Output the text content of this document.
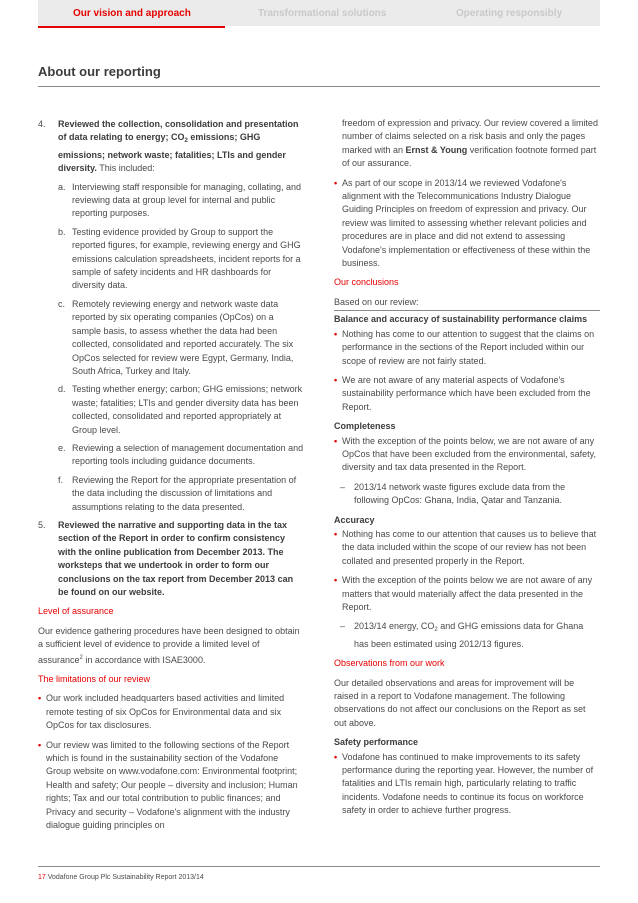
Our vision and approach	Transformational solutions	Operating responsibly
About our reporting
4. Reviewed the collection, consolidation and presentation of data relating to energy; $CO_2$ emissions; GHG emissions; network waste; fatalities; LTIs and gender diversity. This included:
a. Interviewing staff responsible for managing, collating, and reviewing data at group level for internal and public reporting purposes.
b. Testing evidence provided by Group to support the reported figures, for example, reviewing energy and GHG emissions calculation spreadsheets, incident reports for a sample of safety incidents and HR dashboards for diversity data.
c. Remotely reviewing energy and network waste data reported by six operating companies (OpCos) on a sample basis, to assess whether the data had been collected, consolidated and reported accurately. The six OpCos selected for review were Egypt, Germany, India, South Africa, Turkey and Italy.
d. Testing whether energy; carbon; GHG emissions; network waste; fatalities; LTIs and gender diversity data has been collected, consolidated and reported appropriately at Group level.
e. Reviewing a selection of management documentation and reporting tools including guidance documents.
f. Reviewing the Report for the appropriate presentation of the data including the discussion of limitations and assumptions relating to the data presented.
5. Reviewed the narrative and supporting data in the tax section of the Report in order to confirm consistency with the online publication from December 2013. The worksteps that we undertook in order to form our conclusions on the tax report from December 2013 can be found on our website.

Level of assurance

Our evidence gathering procedures have been designed to obtain a sufficient level of evidence to provide a limited level of assurance$^2$ in accordance with ISAE3000.

The limitations of our review

• Our work included headquarters based activities and limited remote testing of six OpCos for Environmental data and six OpCos for tax disclosures.
• Our review was limited to the following sections of the Report which is found in the sustainability section of the Vodafone Group website on www.vodafone.com: Environmental footprint; Health and safety; Our people – diversity and inclusion; Human rights; Tax and our total contribution to public finances; and Privacy and security – Vodafone's alignment with the industry dialogue guiding principles on

freedom of expression and privacy. Our review covered a limited number of claims selected on a risk basis and only the pages marked with an Ernst & Young verification footnote formed part of our assurance.

• As part of our scope in 2013/14 we reviewed Vodafone's alignment with the Telecommunications Industry Dialogue Guiding Principles on freedom of expression and privacy. Our review was limited to assessing whether relevant policies and procedures are in place and did not extend to assessing Vodafone's implementation or effectiveness of these within the business.

Our conclusions

Based on our review:

Balance and accuracy of sustainability performance claims

• Nothing has come to our attention to suggest that the claims on performance in the sections of the Report included within our scope of review are not fairly stated.
• We are not aware of any material aspects of Vodafone's sustainability performance which have been excluded from the Report.

Completeness

• With the exception of the points below, we are not aware of any OpCos that have been excluded from the environmental, safety, diversity and tax data presented in the Report.
– 2013/14 network waste figures exclude data from the following OpCos: Ghana, India, Qatar and Tanzania.

Accuracy

• Nothing has come to our attention that causes us to believe that the data included within the scope of our review has not been collated and presented properly in the Report.
• With the exception of the points below we are not aware of any matters that would materially affect the data presented in the Report.
– 2013/14 energy, $CO_2$ and GHG emissions data for Ghana has been estimated using 2012/13 figures.

Observations from our work

Our detailed observations and areas for improvement will be raised in a report to Vodafone management. The following observations do not affect our conclusions on the Report as set out above.

Safety performance

• Vodafone has continued to make improvements to its safety performance during the reporting year. However, the number of fatalities and LTIs remain high, particularly relating to traffic incidents. Vodafone needs to continue its focus on workforce safety in order to achieve further progress.
17 Vodafone Group Plc Sustainability Report 2013/14
